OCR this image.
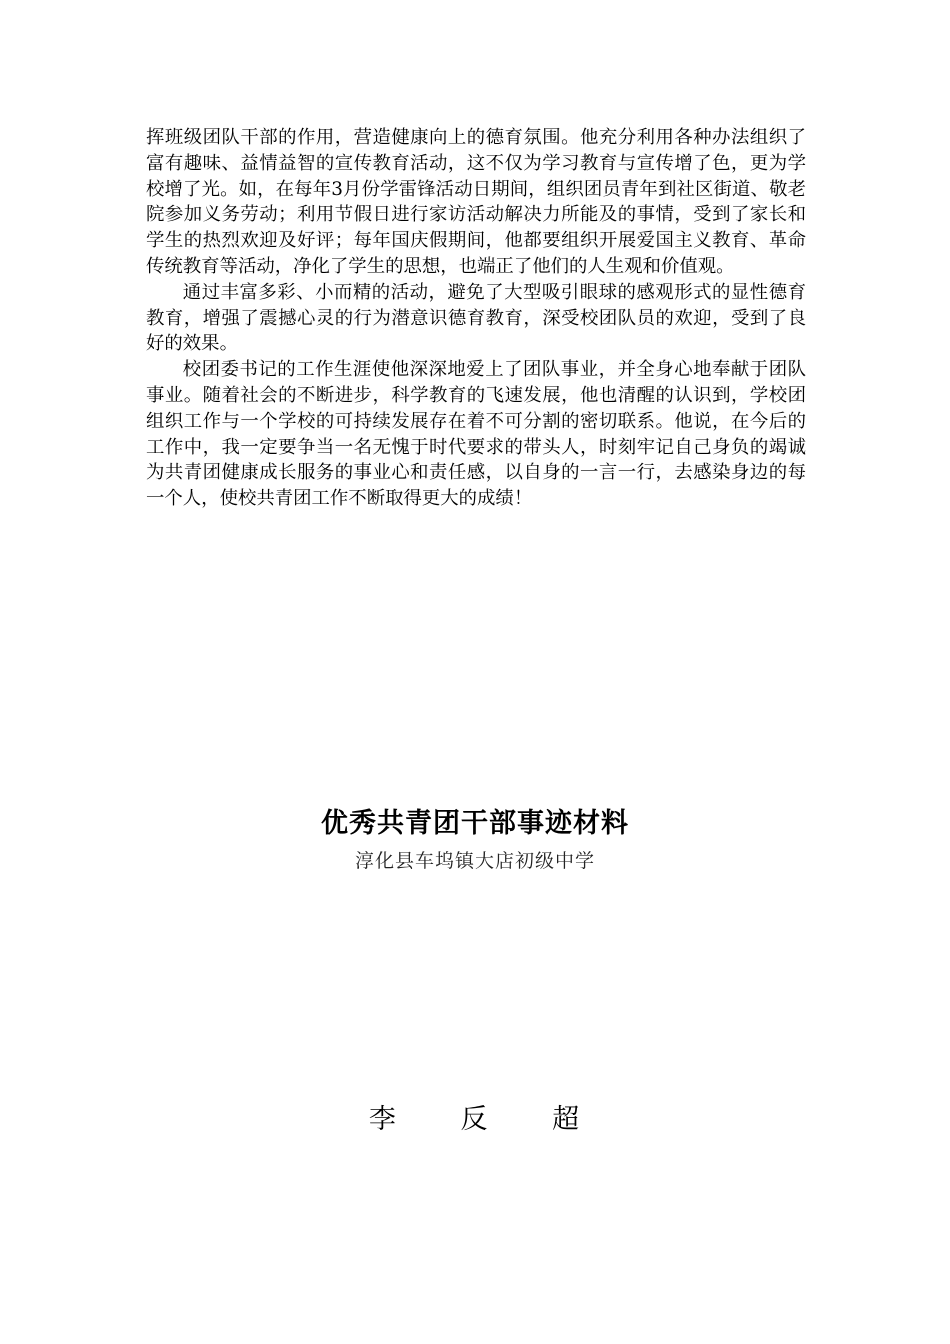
挥班级团队干部的作用，营造健康向上的德育氛围。他充分利用各种办法组织了富有趣味、益情益智的宣传教育活动，这不仅为学习教育与宣传增了色，更为学校增了光。如，在每年3月份学雷锋活动日期间，组织团员青年到社区街道、敬老院参加义务劳动；利用节假日进行家访活动解决力所能及的事情，受到了家长和学生的热烈欢迎及好评；每年国庆假期间，他都要组织开展爱国主义教育、革命传统教育等活动，净化了学生的思想，也端正了他们的人生观和价值观。

通过丰富多彩、小而精的活动，避免了大型吸引眼球的感观形式的显性德育教育，增强了震撼心灵的行为潜意识德育教育，深受校团队员的欢迎，受到了良好的效果。

校团委书记的工作生涯使他深深地爱上了团队事业，并全身心地奉献于团队事业。随着社会的不断进步，科学教育的飞速发展，他也清醒的认识到，学校团组织工作与一个学校的可持续发展存在着不可分割的密切联系。他说，在今后的工作中，我一定要争当一名无愧于时代要求的带头人，时刻牢记自己身负的竭诚为共青团健康成长服务的事业心和责任感，以自身的一言一行，去感染身边的每一个人，使校共青团工作不断取得更大的成绩！

优秀共青团干部事迹材料
淳化县车坞镇大店初级中学
李 反 超
